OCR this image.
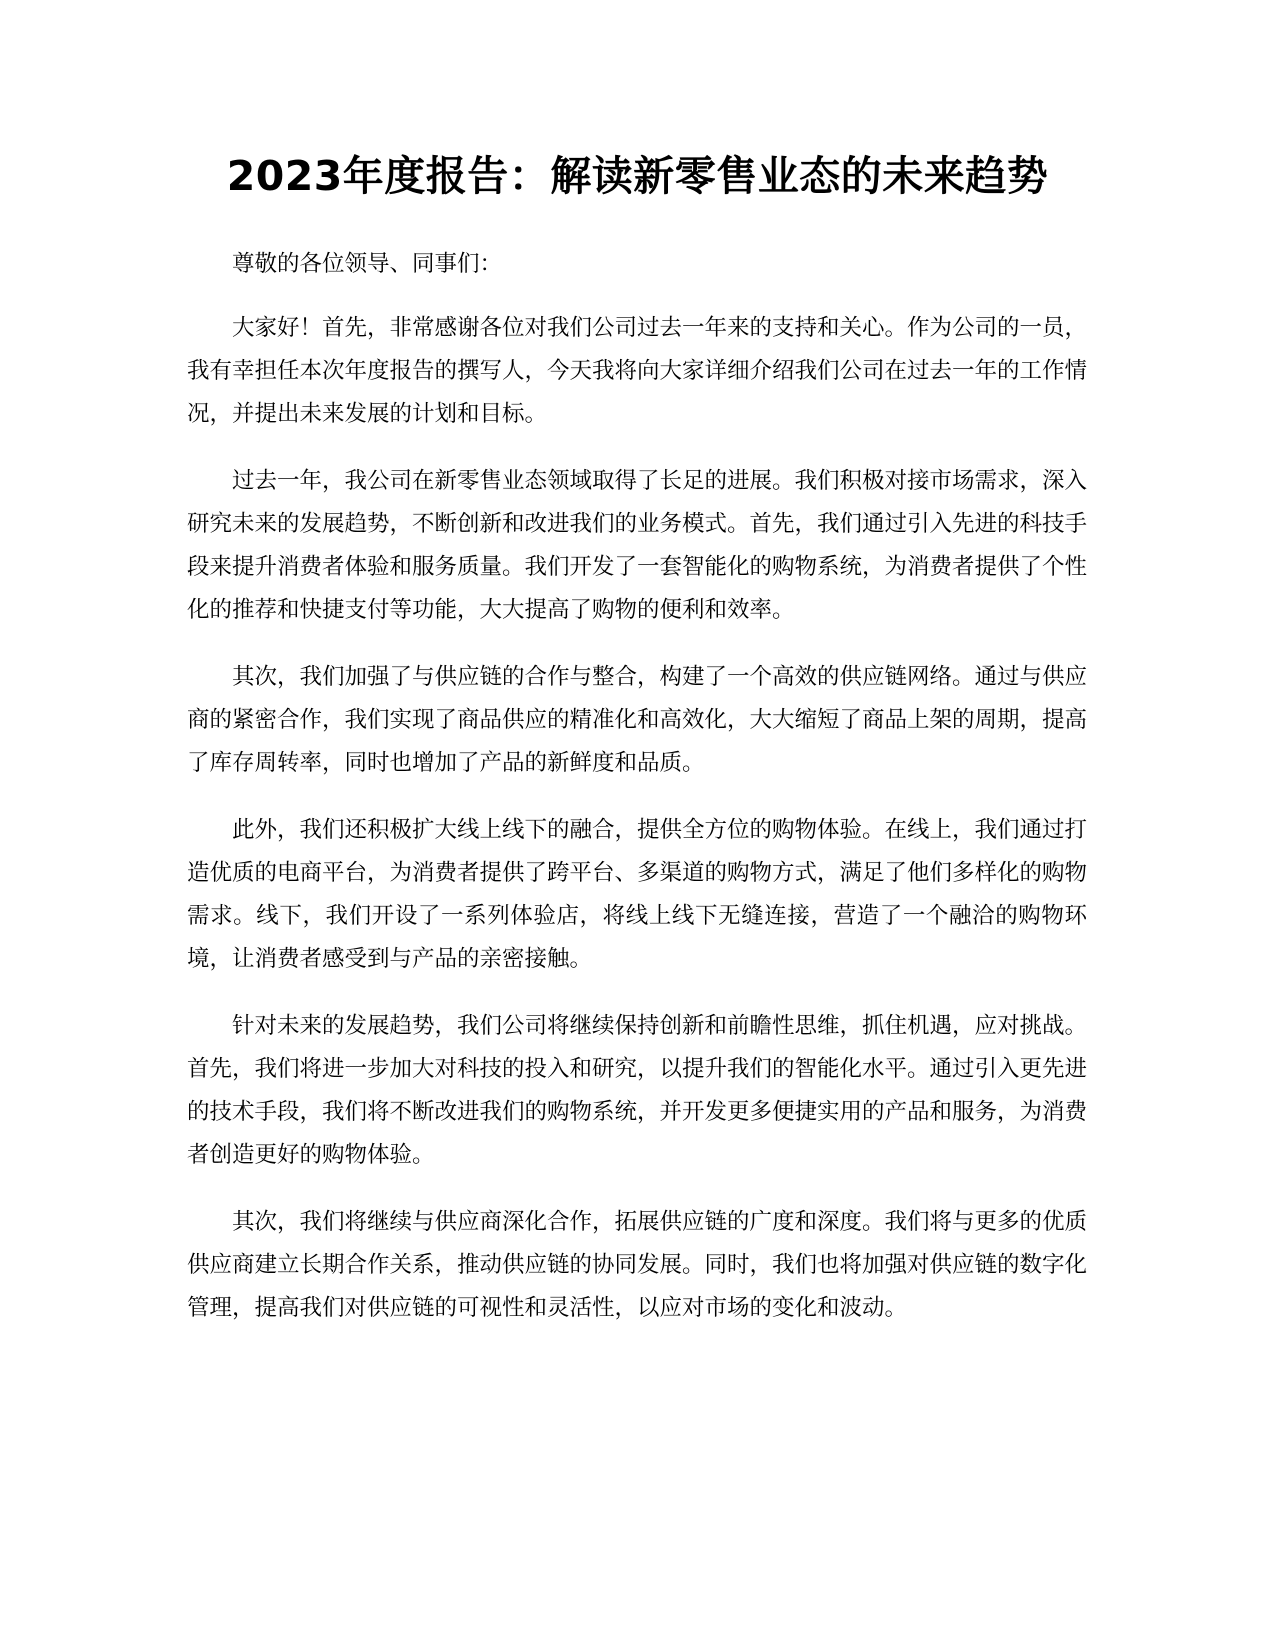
2023年度报告：解读新零售业态的未来趋势

尊敬的各位领导、同事们：

大家好！首先，非常感谢各位对我们公司过去一年来的支持和关心。作为公司的一员，我有幸担任本次年度报告的撰写人，今天我将向大家详细介绍我们公司在过去一年的工作情况，并提出未来发展的计划和目标。

过去一年，我公司在新零售业态领域取得了长足的进展。我们积极对接市场需求，深入研究未来的发展趋势，不断创新和改进我们的业务模式。首先，我们通过引入先进的科技手段来提升消费者体验和服务质量。我们开发了一套智能化的购物系统，为消费者提供了个性化的推荐和快捷支付等功能，大大提高了购物的便利和效率。

其次，我们加强了与供应链的合作与整合，构建了一个高效的供应链网络。通过与供应商的紧密合作，我们实现了商品供应的精准化和高效化，大大缩短了商品上架的周期，提高了库存周转率，同时也增加了产品的新鲜度和品质。

此外，我们还积极扩大线上线下的融合，提供全方位的购物体验。在线上，我们通过打造优质的电商平台，为消费者提供了跨平台、多渠道的购物方式，满足了他们多样化的购物需求。线下，我们开设了一系列体验店，将线上线下无缝连接，营造了一个融洽的购物环境，让消费者感受到与产品的亲密接触。

针对未来的发展趋势，我们公司将继续保持创新和前瞻性思维，抓住机遇，应对挑战。首先，我们将进一步加大对科技的投入和研究，以提升我们的智能化水平。通过引入更先进的技术手段，我们将不断改进我们的购物系统，并开发更多便捷实用的产品和服务，为消费者创造更好的购物体验。

其次，我们将继续与供应商深化合作，拓展供应链的广度和深度。我们将与更多的优质供应商建立长期合作关系，推动供应链的协同发展。同时，我们也将加强对供应链的数字化管理，提高我们对供应链的可视性和灵活性，以应对市场的变化和波动。
